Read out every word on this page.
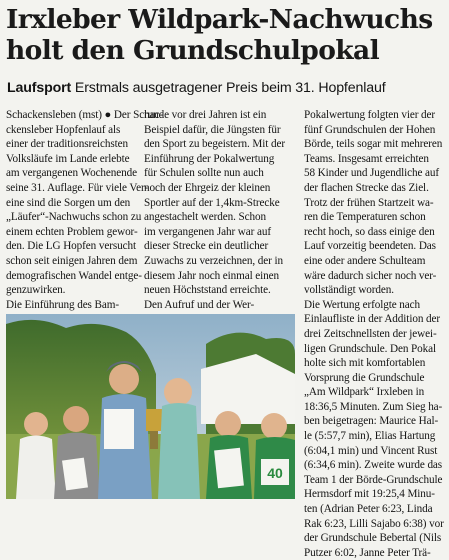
Irxleber Wildpark-Nachwuchs
holt den Grundschulpokal
Laufsport Erstmals ausgetragener Preis beim 31. Hopfenlauf
Schackensleben (mst) ● Der Schac-
ckensleber Hopfenlauf als
einer der traditionsreichsten
Volksläufe im Lande erlebte
am vergangenen Wochenende
seine 31. Auflage. Für viele Ver-
eine sind die Sorgen um den
„Läufer“-Nachwuchs schon zu
einem echten Problem gewor-
den. Die LG Hopfen versucht
schon seit einigen Jahren dem
demografischen Wandel entge-
genzuwirken.
Die Einführung des Bam-
runde vor drei Jahren ist ein
Beispiel dafür, die Jüngsten für
den Sport zu begeistern. Mit der
Einführung der Pokalwertung
für Schulen sollte nun auch
noch der Ehrgeiz der kleinen
Sportler auf der 1,4km-Strecke
angestachelt werden. Schon
im vergangenen Jahr war auf
dieser Strecke ein deutlicher
Zuwachs zu verzeichnen, der in
diesem Jahr noch einmal einen
neuen Höchststand erreichte.
Den Aufruf und der Wer-
Pokalwertung folgten vier der
fünf Grundschulen der Hohen
Börde, teils sogar mit mehreren
Teams. Insgesamt erreichten
58 Kinder und Jugendliche auf
der flachen Strecke das Ziel.
Trotz der frühen Startzeit wa-
ren die Temperaturen schon
recht hoch, so dass einige den
Lauf vorzeitig beendeten. Das
eine oder andere Schulteam
wäre dadurch sicher noch ver-
vollständigt worden.
Die Wertung erfolgte nach
Einlaufliste in der Addition der
drei Zeitschnellsten der jewei-
ligen Grundschule. Den Pokal
holte sich mit komfortablen
Vorsprung die Grundschule
„Am Wildpark“ Irxleben in
18:36,5 Minuten. Zum Sieg ha-
ben beigetragen: Maurice Hal-
le (5:57,7 min), Elias Hartung
(6:04,1 min) und Vincent Rust
(6:34,6 min). Zweite wurde das
Team 1 der Börde-Grundschule
Hermsdorf mit 19:25,4 Minu-
ten (Adrian Peter 6:23, Linda
Rak 6:23, Lilli Sajabo 6:38) vor
der Grundschule Bebertal (Nils
Putzer 6:02, Janne Peter Trä-
40
